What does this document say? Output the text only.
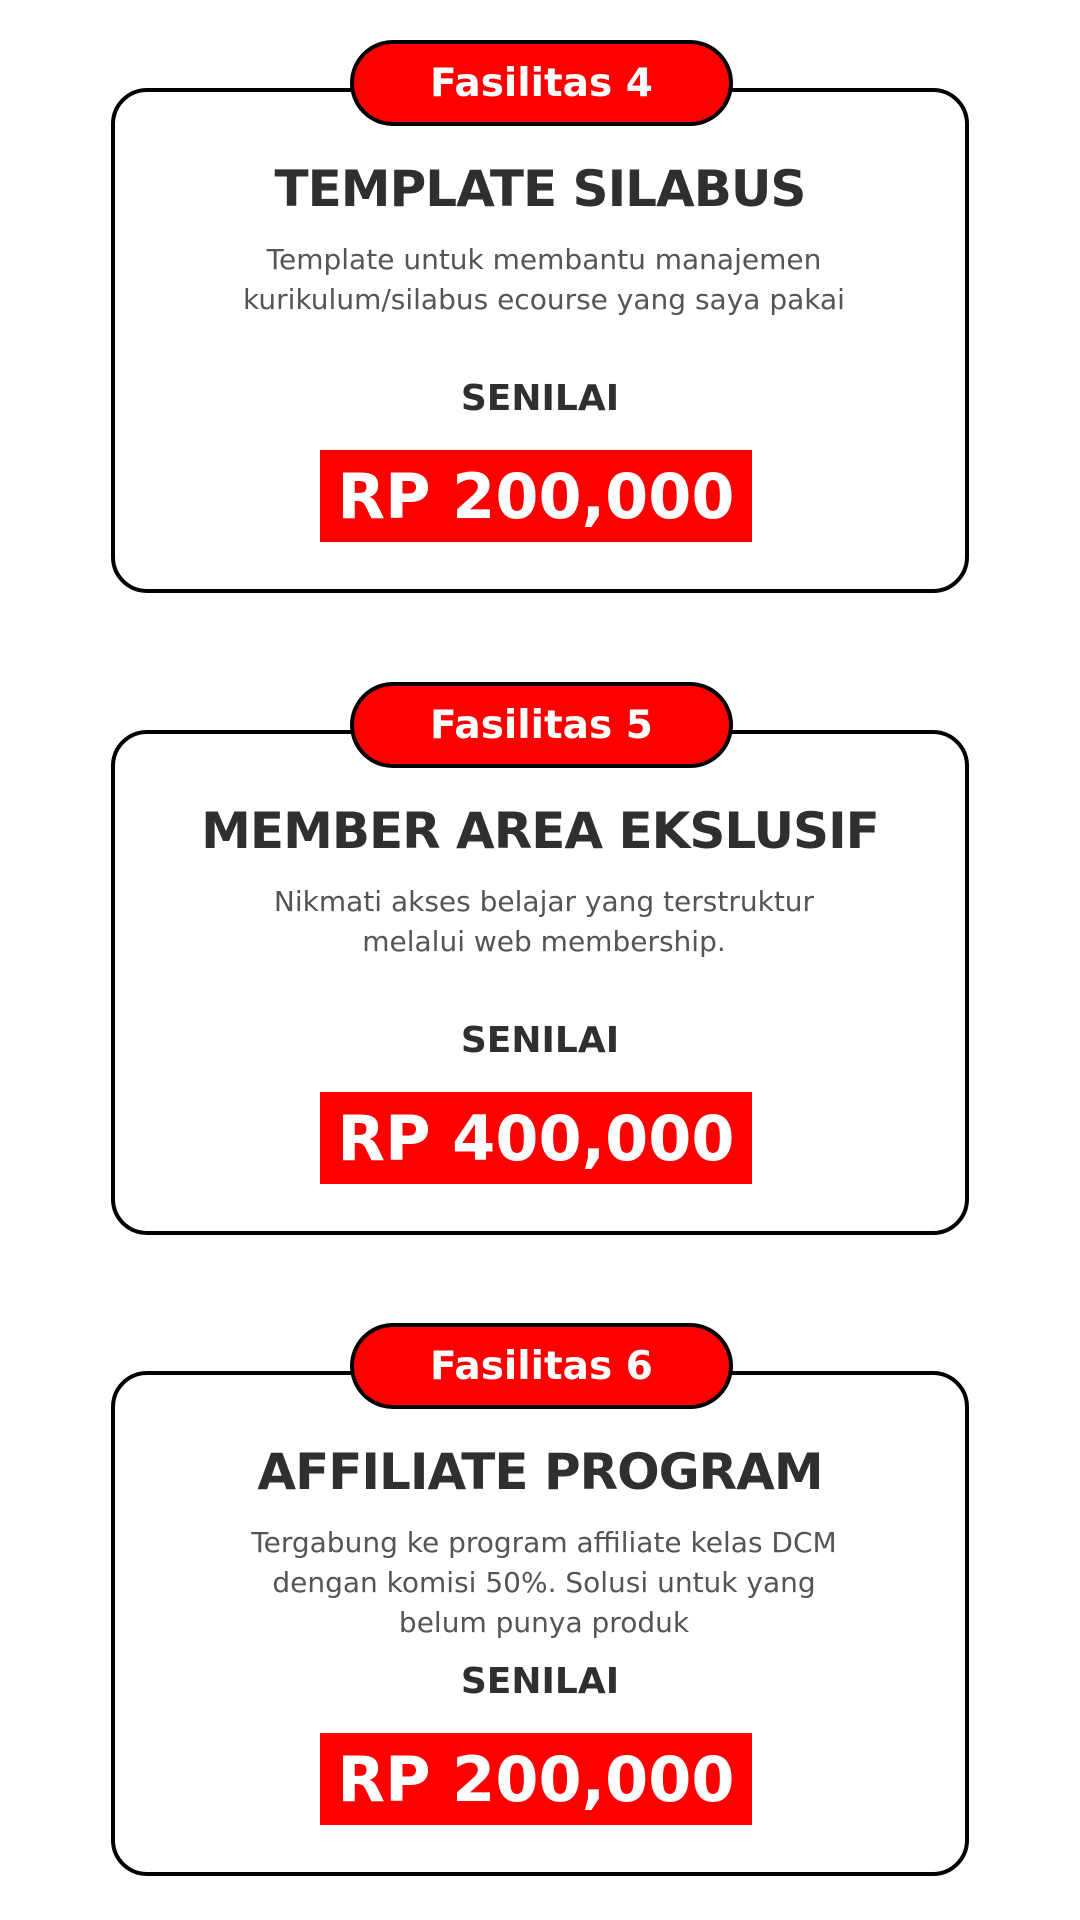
Fasilitas 4
TEMPLATE SILABUS
Template untuk membantu manajemen kurikulum/silabus ecourse yang saya pakai
SENILAI
RP 200,000
Fasilitas 5
MEMBER AREA EKSLUSIF
Nikmati akses belajar yang terstruktur melalui web membership.
SENILAI
RP 400,000
Fasilitas 6
AFFILIATE PROGRAM
Tergabung ke program affiliate kelas DCM dengan komisi 50%. Solusi untuk yang belum punya produk
SENILAI
RP 200,000
